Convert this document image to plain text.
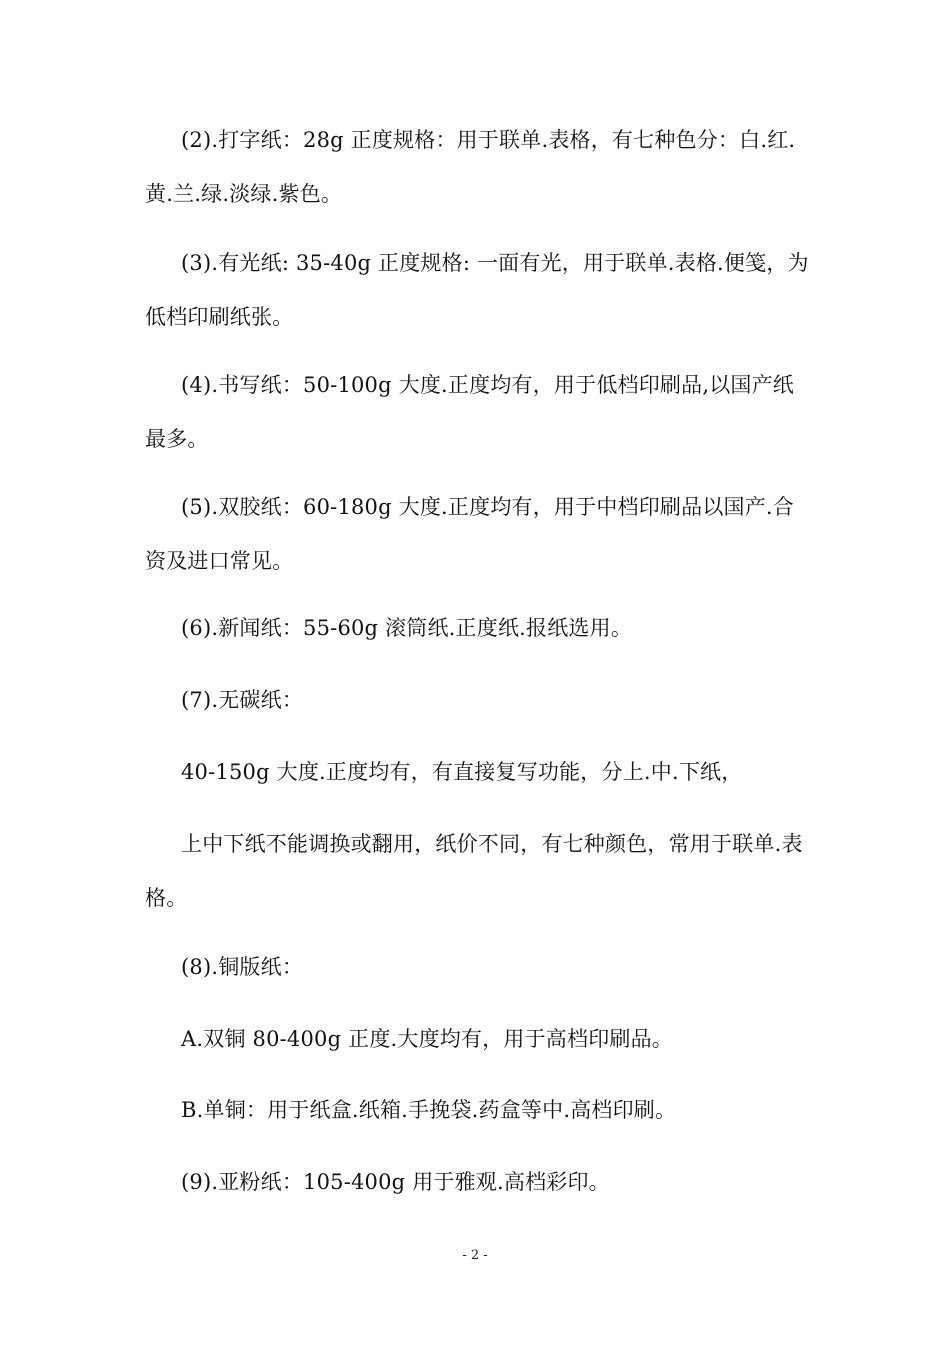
(2).打字纸：28g 正度规格：用于联单.表格，有七种色分：白.红.黄.兰.绿.淡绿.紫色。

(3).有光纸: 35-40g 正度规格: 一面有光，用于联单.表格.便笺，为低档印刷纸张。

(4).书写纸：50-100g 大度.正度均有，用于低档印刷品,以国产纸最多。

(5).双胶纸：60-180g 大度.正度均有，用于中档印刷品以国产.合资及进口常见。

(6).新闻纸：55-60g 滚筒纸.正度纸.报纸选用。

(7).无碳纸：

40-150g 大度.正度均有，有直接复写功能，分上.中.下纸，

上中下纸不能调换或翻用，纸价不同，有七种颜色，常用于联单.表格。

(8).铜版纸：

A.双铜 80-400g 正度.大度均有，用于高档印刷品。

B.单铜：用于纸盒.纸箱.手挽袋.药盒等中.高档印刷。

(9).亚粉纸：105-400g 用于雅观.高档彩印。

- 2 -
